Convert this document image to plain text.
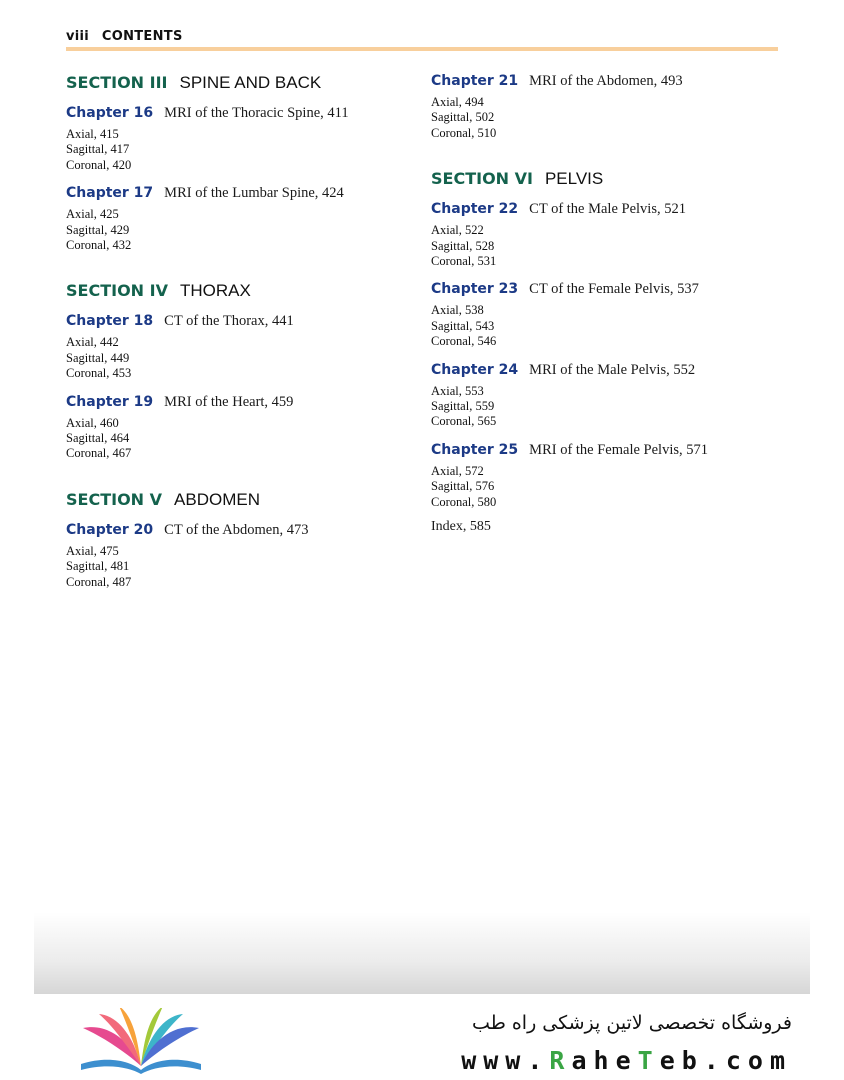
viii CONTENTS
SECTION III SPINE AND BACK
Chapter 16 MRI of the Thoracic Spine, 411
Axial, 415
Sagittal, 417
Coronal, 420
Chapter 17 MRI of the Lumbar Spine, 424
Axial, 425
Sagittal, 429
Coronal, 432
SECTION IV THORAX
Chapter 18 CT of the Thorax, 441
Axial, 442
Sagittal, 449
Coronal, 453
Chapter 19 MRI of the Heart, 459
Axial, 460
Sagittal, 464
Coronal, 467
SECTION V ABDOMEN
Chapter 20 CT of the Abdomen, 473
Axial, 475
Sagittal, 481
Coronal, 487
Chapter 21 MRI of the Abdomen, 493
Axial, 494
Sagittal, 502
Coronal, 510
SECTION VI PELVIS
Chapter 22 CT of the Male Pelvis, 521
Axial, 522
Sagittal, 528
Coronal, 531
Chapter 23 CT of the Female Pelvis, 537
Axial, 538
Sagittal, 543
Coronal, 546
Chapter 24 MRI of the Male Pelvis, 552
Axial, 553
Sagittal, 559
Coronal, 565
Chapter 25 MRI of the Female Pelvis, 571
Axial, 572
Sagittal, 576
Coronal, 580
Index, 585
فروشگاه تخصصی لاتین پزشکی راه طب
www.RaheTeb.com
